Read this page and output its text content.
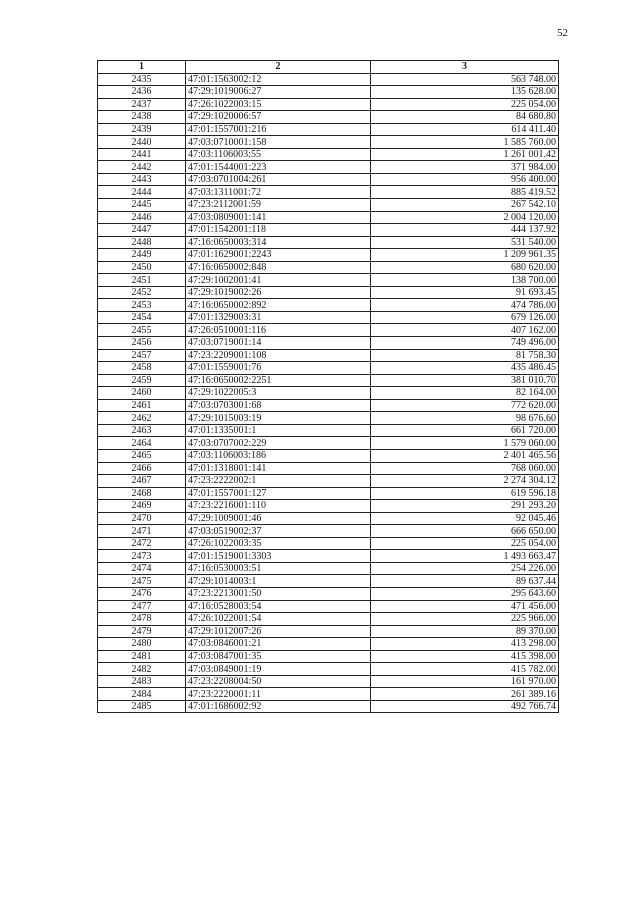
52
1	2	3
2435	47:01:1563002:12	563 748.00
2436	47:29:1019006:27	135 628.00
2437	47:26:1022003:15	225 054.00
2438	47:29:1020006:57	84 680.80
2439	47:01:1557001:216	614 411.40
2440	47:03:0710001:158	1 585 760.00
2441	47:03:1106003:55	1 261 001.42
2442	47:01:1544001:223	371 984.00
2443	47:03:0701004:261	956 400.00
2444	47:03:1311001:72	885 419.52
2445	47:23:2112001:59	267 542.10
2446	47:03:0809001:141	2 004 120.00
2447	47:01:1542001:118	444 137.92
2448	47:16:0650003:314	531 540.00
2449	47:01:1629001:2243	1 209 961.35
2450	47:16:0650002:848	680 620.00
2451	47:29:1002001:41	138 700.00
2452	47:29:1019002:26	91 693.45
2453	47:16:0650002:892	474 786.00
2454	47:01:1329003:31	679 126.00
2455	47:26:0510001:116	407 162.00
2456	47:03:0719001:14	749 496.00
2457	47:23:2209001:108	81 758.30
2458	47:01:1559001:76	435 486.45
2459	47:16:0650002:2251	381 010.70
2460	47:29:1022005:3	82 164.00
2461	47:03:0703001:68	772 620.00
2462	47:29:1015003:19	98 676.60
2463	47:01:1335001:1	661 720.00
2464	47:03:0707002:229	1 579 060.00
2465	47:03:1106003:186	2 401 465.56
2466	47:01:1318001:141	768 060.00
2467	47:23:2222002:1	2 274 304.12
2468	47:01:1557001:127	619 596.18
2469	47:23:2216001:110	291 293.20
2470	47:29:1009001:46	92 045.46
2471	47:03:0519002:37	666 650.00
2472	47:26:1022003:35	225 054.00
2473	47:01:1519001:3303	1 493 663.47
2474	47:16:0530003:51	254 226.00
2475	47:29:1014003:1	89 637.44
2476	47:23:2213001:50	295 643.60
2477	47:16:0528003:54	471 456.00
2478	47:26:1022001:54	225 966.00
2479	47:29:1012007:26	89 370.00
2480	47:03:0846001:21	413 298.00
2481	47:03:0847001:35	415 398.00
2482	47:03:0849001:19	415 782.00
2483	47:23:2208004:50	161 970.00
2484	47:23:2220001:11	261 389.16
2485	47:01:1686002:92	492 766.74
